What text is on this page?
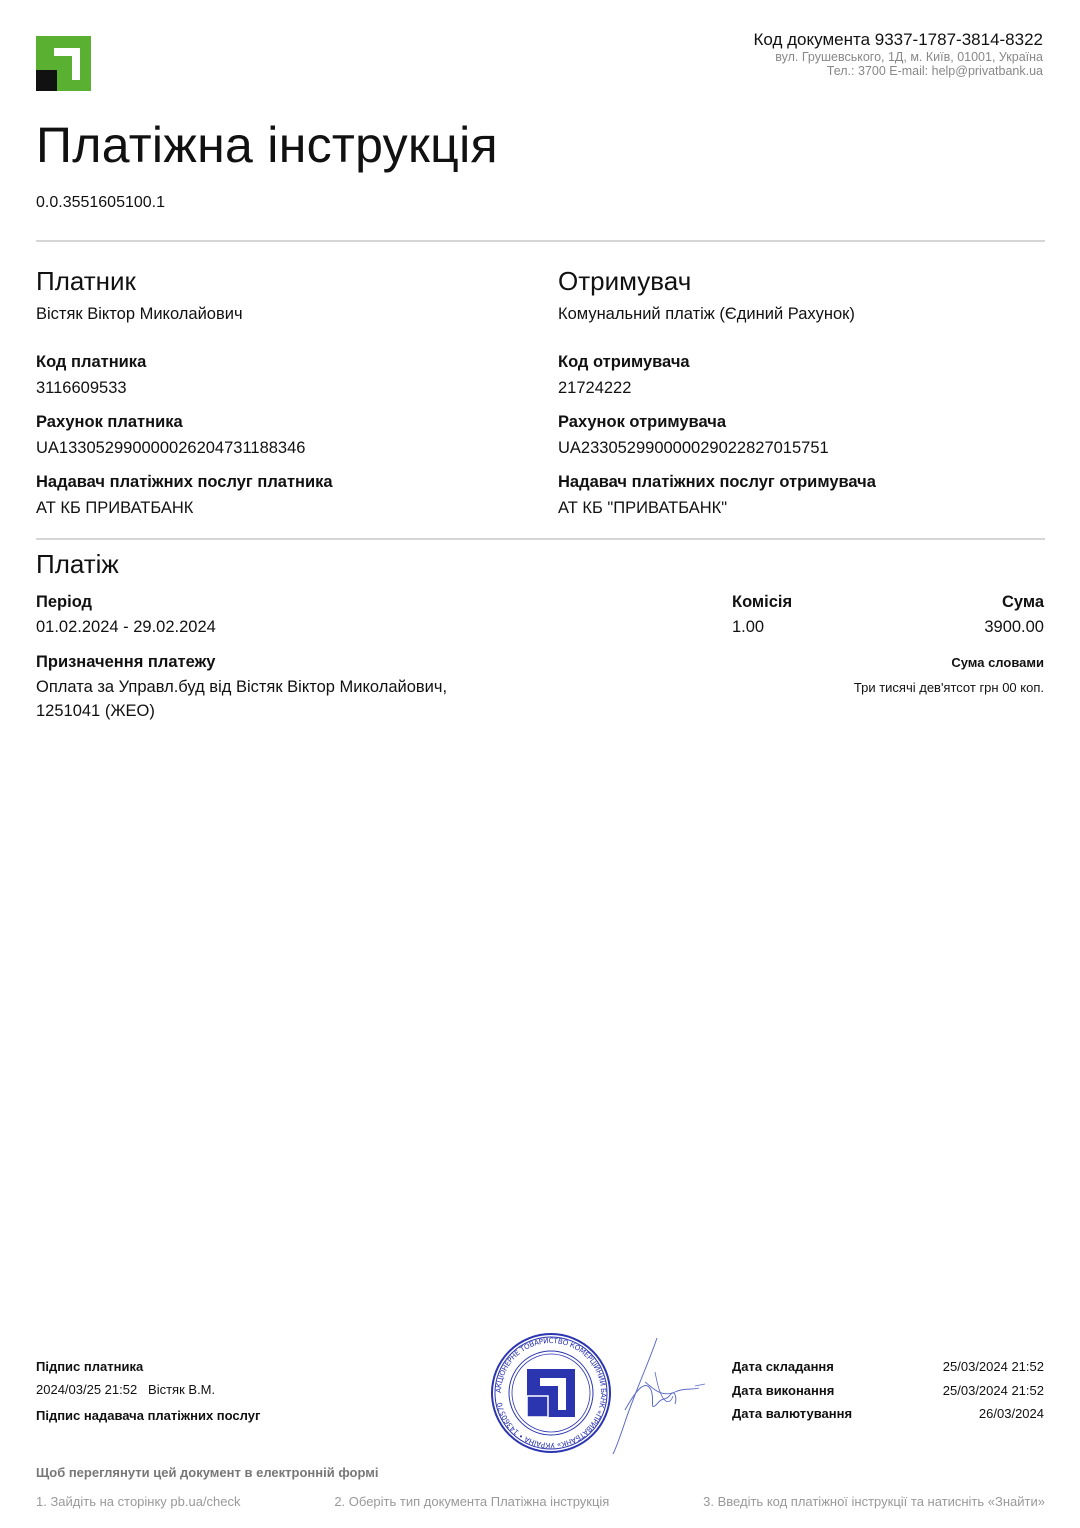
Код документа 9337-1787-3814-8322
вул. Грушевського, 1Д, м. Київ, 01001, Україна
Тел.: 3700 E-mail: help@privatbank.ua
Платіжна інструкція
0.0.3551605100.1
Платник
Вістяк Віктор Миколайович
Код платника
3116609533
Рахунок платника
UA133052990000026204731188346
Надавач платіжних послуг платника
АТ КБ ПРИВАТБАНК
Отримувач
Комунальний платіж (Єдиний Рахунок)
Код отримувача
21724222
Рахунок отримувача
UA233052990000029022827015751
Надавач платіжних послуг отримувача
АТ КБ "ПРИВАТБАНК"
Платіж
Період
01.02.2024 - 29.02.2024
Комісія
1.00
Сума
3900.00
Призначення платежу
Оплата за Управл.буд від Вістяк Віктор Миколайович,
1251041 (ЖЕО)
Сума словами
Три тисячі дев'ятсот грн 00 коп.
Підпис платника
2024/03/25 21:52   Вістяк В.М.
Підпис надавача платіжних послуг
АКЦІОНЕРНЕ ТОВАРИСТВО КОМЕРЦІЙНИЙ БАНК «ПРИВАТБАНК» УКРАЇНА • 14360570
Дата складання	25/03/2024 21:52
Дата виконання	25/03/2024 21:52
Дата валютування	26/03/2024
Щоб переглянути цей документ в електронній формі
1. Зайдіть на сторінку pb.ua/check	2. Оберіть тип документа Платіжна інструкція	3. Введіть код платіжної інструкції та натисніть «Знайти»
